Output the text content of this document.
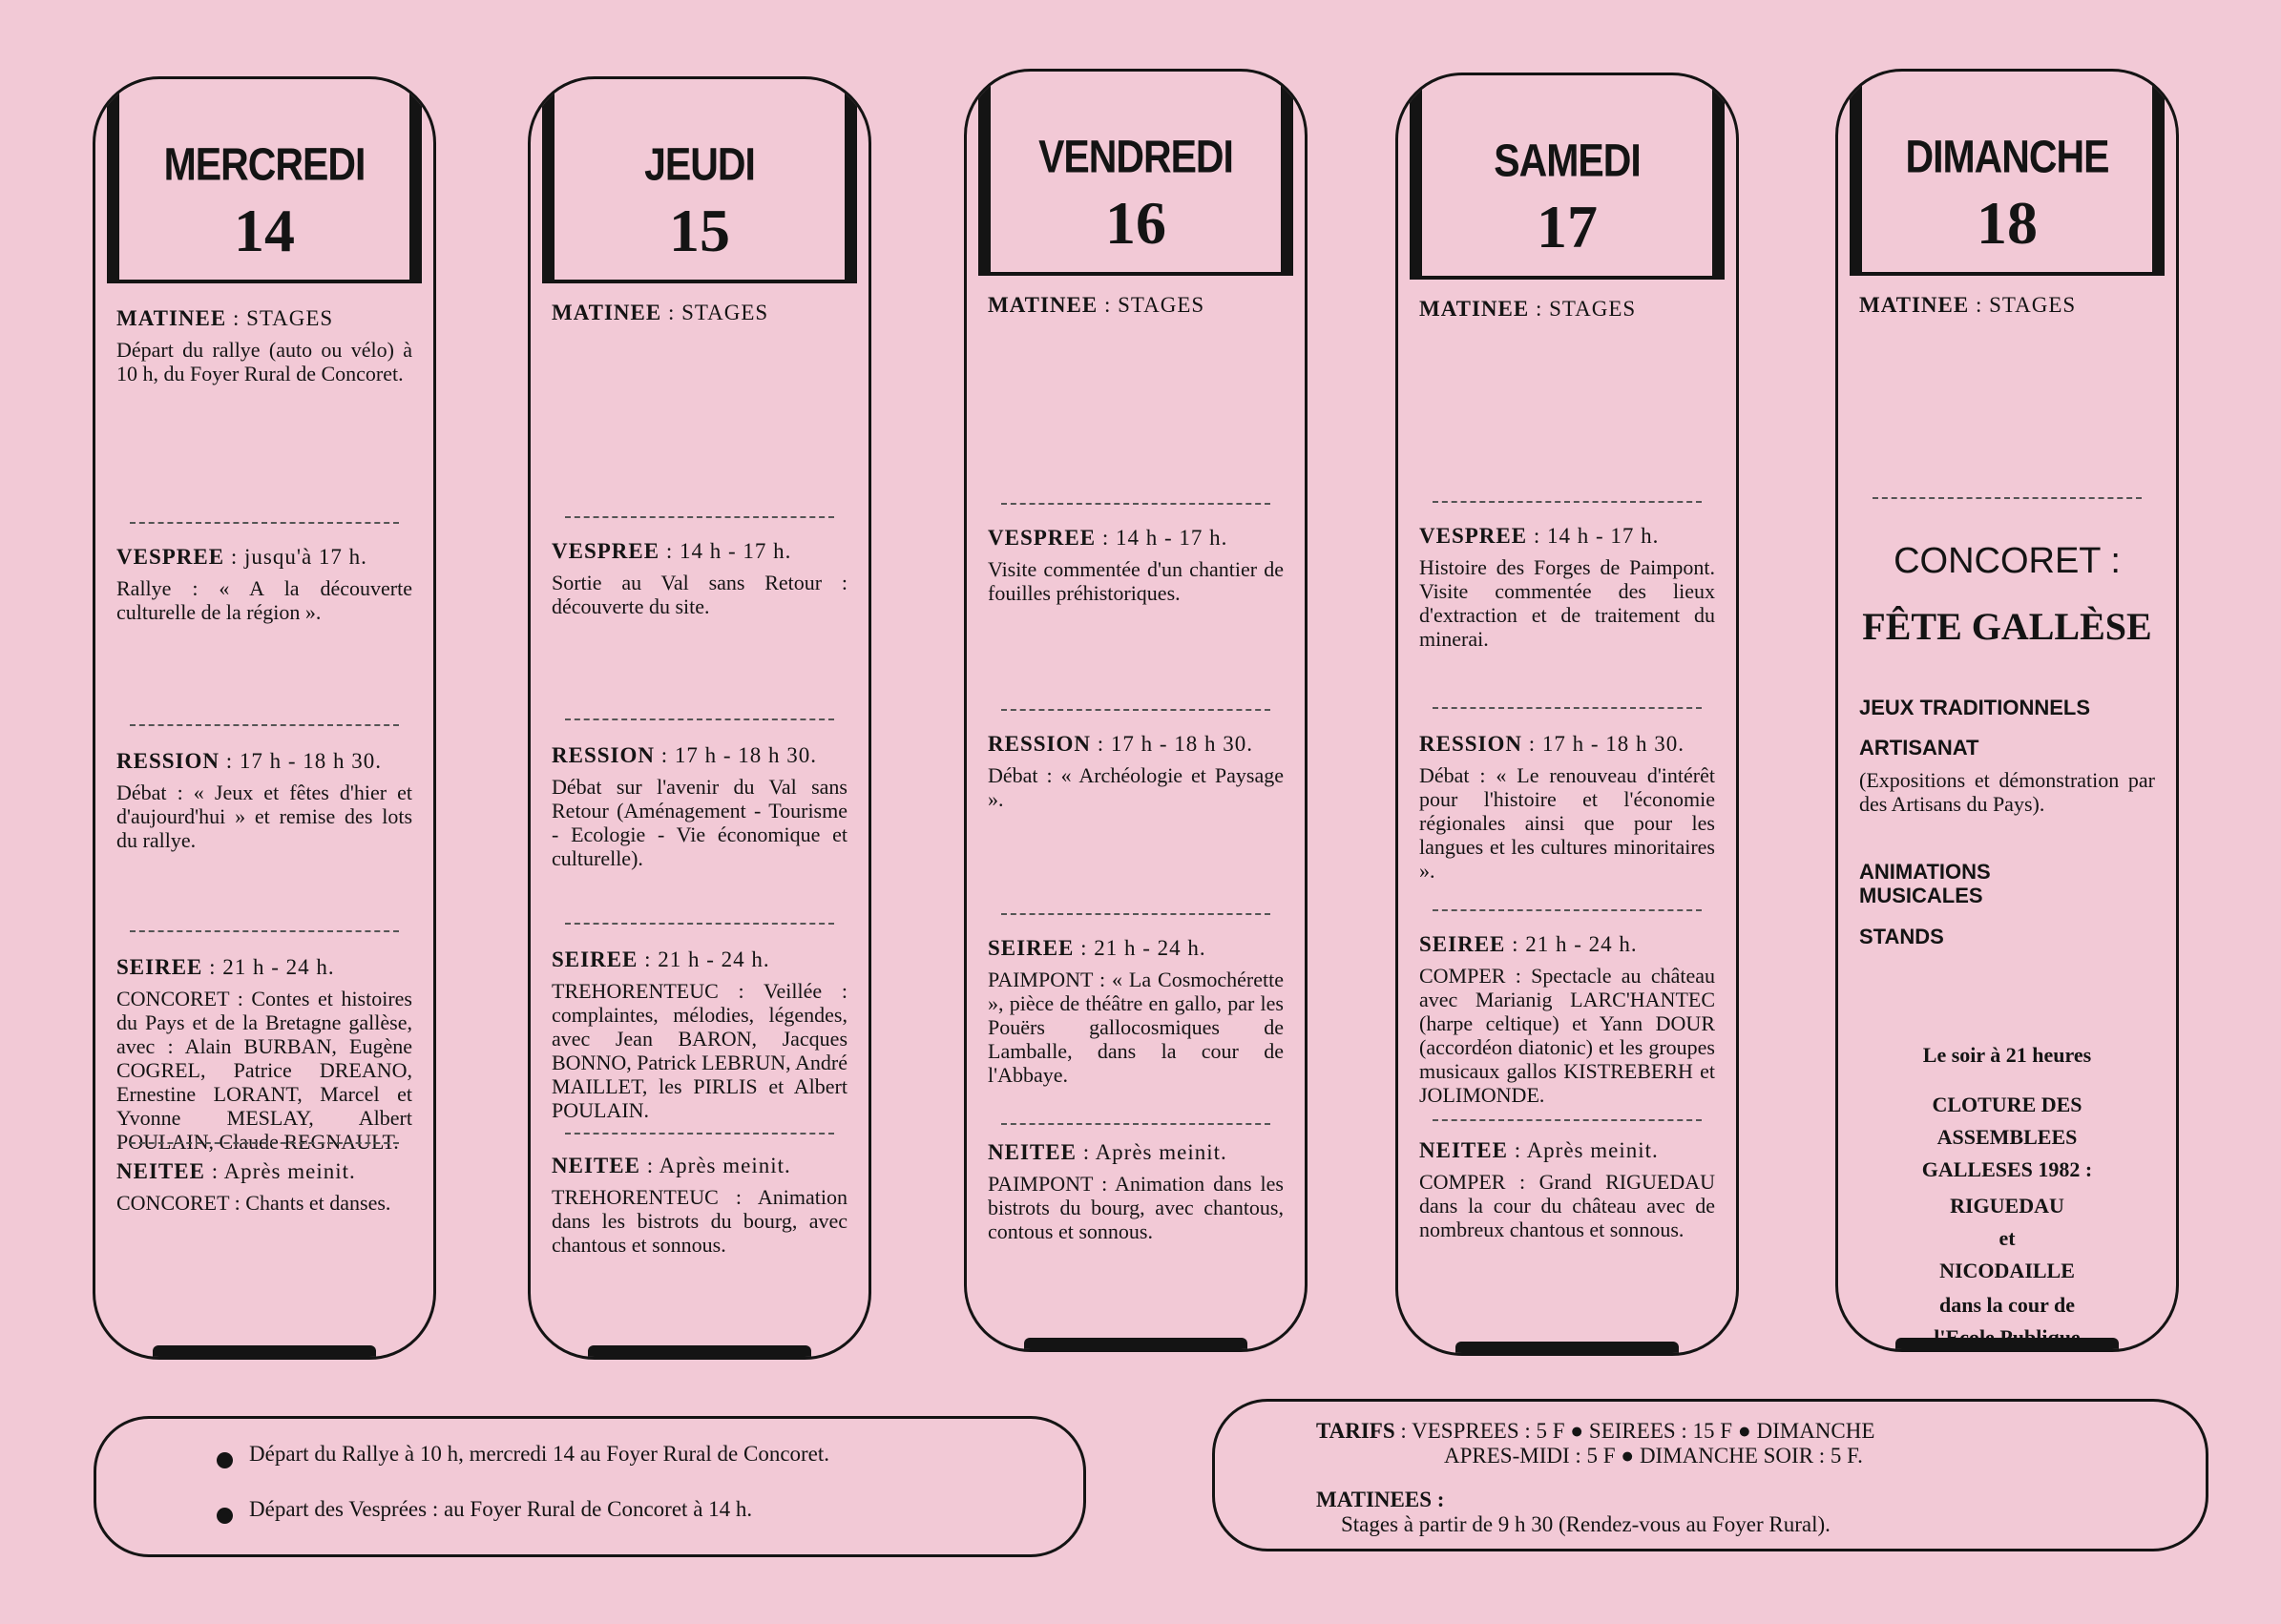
MERCREDI
14
MATINEE : STAGES
Départ du rallye (auto ou vélo) à 10 h, du Foyer Rural de Concoret.
VESPREE : jusqu'à 17 h.
Rallye : « A la découverte culturelle de la région ».
RESSION : 17 h - 18 h 30.
Débat : « Jeux et fêtes d'hier et d'aujourd'hui » et remise des lots du rallye.
SEIREE : 21 h - 24 h.
CONCORET : Contes et histoires du Pays et de la Bretagne gallèse, avec : Alain BURBAN, Eugène COGREL, Patrice DREANO, Ernestine LORANT, Marcel et Yvonne MESLAY, Albert POULAIN, Claude REGNAULT.
NEITEE : Après meinit.
CONCORET : Chants et danses.
JEUDI
15
MATINEE : STAGES
VESPREE : 14 h - 17 h.
Sortie au Val sans Retour : découverte du site.
RESSION : 17 h - 18 h 30.
Débat sur l'avenir du Val sans Retour (Aménagement - Tourisme - Ecologie - Vie économique et culturelle).
SEIREE : 21 h - 24 h.
TREHORENTEUC : Veillée : complaintes, mélodies, légendes, avec Jean BARON, Jacques BONNO, Patrick LEBRUN, André MAILLET, les PIRLIS et Albert POULAIN.
NEITEE : Après meinit.
TREHORENTEUC : Animation dans les bistrots du bourg, avec chantous et sonnous.
VENDREDI
16
MATINEE : STAGES
VESPREE : 14 h - 17 h.
Visite commentée d'un chantier de fouilles préhistoriques.
RESSION : 17 h - 18 h 30.
Débat : « Archéologie et Paysage ».
SEIREE : 21 h - 24 h.
PAIMPONT : « La Cosmochérette », pièce de théâtre en gallo, par les Pouërs gallocosmiques de Lamballe, dans la cour de l'Abbaye.
NEITEE : Après meinit.
PAIMPONT : Animation dans les bistrots du bourg, avec chantous, contous et sonnous.
SAMEDI
17
MATINEE : STAGES
VESPREE : 14 h - 17 h.
Histoire des Forges de Paimpont. Visite commentée des lieux d'extraction et de traitement du minerai.
RESSION : 17 h - 18 h 30.
Débat : « Le renouveau d'intérêt pour l'histoire et l'économie régionales ainsi que pour les langues et les cultures minoritaires ».
SEIREE : 21 h - 24 h.
COMPER : Spectacle au château avec Marianig LARC'HANTEC (harpe celtique) et Yann DOUR (accordéon diatonic) et les groupes musicaux gallos KISTREBERH et JOLIMONDE.
NEITEE : Après meinit.
COMPER : Grand RIGUEDAU dans la cour du château avec de nombreux chantous et sonnous.
DIMANCHE
18
MATINEE : STAGES
CONCORET :
FÊTE GALLÈSE
JEUX TRADITIONNELS
ARTISANAT
(Expositions et démonstration par des Artisans du Pays).
ANIMATIONS MUSICALES
STANDS
Le soir à 21 heures
CLOTURE DES ASSEMBLEES GALLESES 1982 :
RIGUEDAU
et
NICODAILLE
dans la cour de
Départ du Rallye à 10 h, mercredi 14 au Foyer Rural de Concoret.
Départ des Vesprées : au Foyer Rural de Concoret à 14 h.
TARIFS : VESPREES : 5 F ● SEIREES : 15 F ● DIMANCHE
APRES-MIDI : 5 F ● DIMANCHE SOIR : 5 F.
MATINEES :
Stages à partir de 9 h 30 (Rendez-vous au Foyer Rural).
